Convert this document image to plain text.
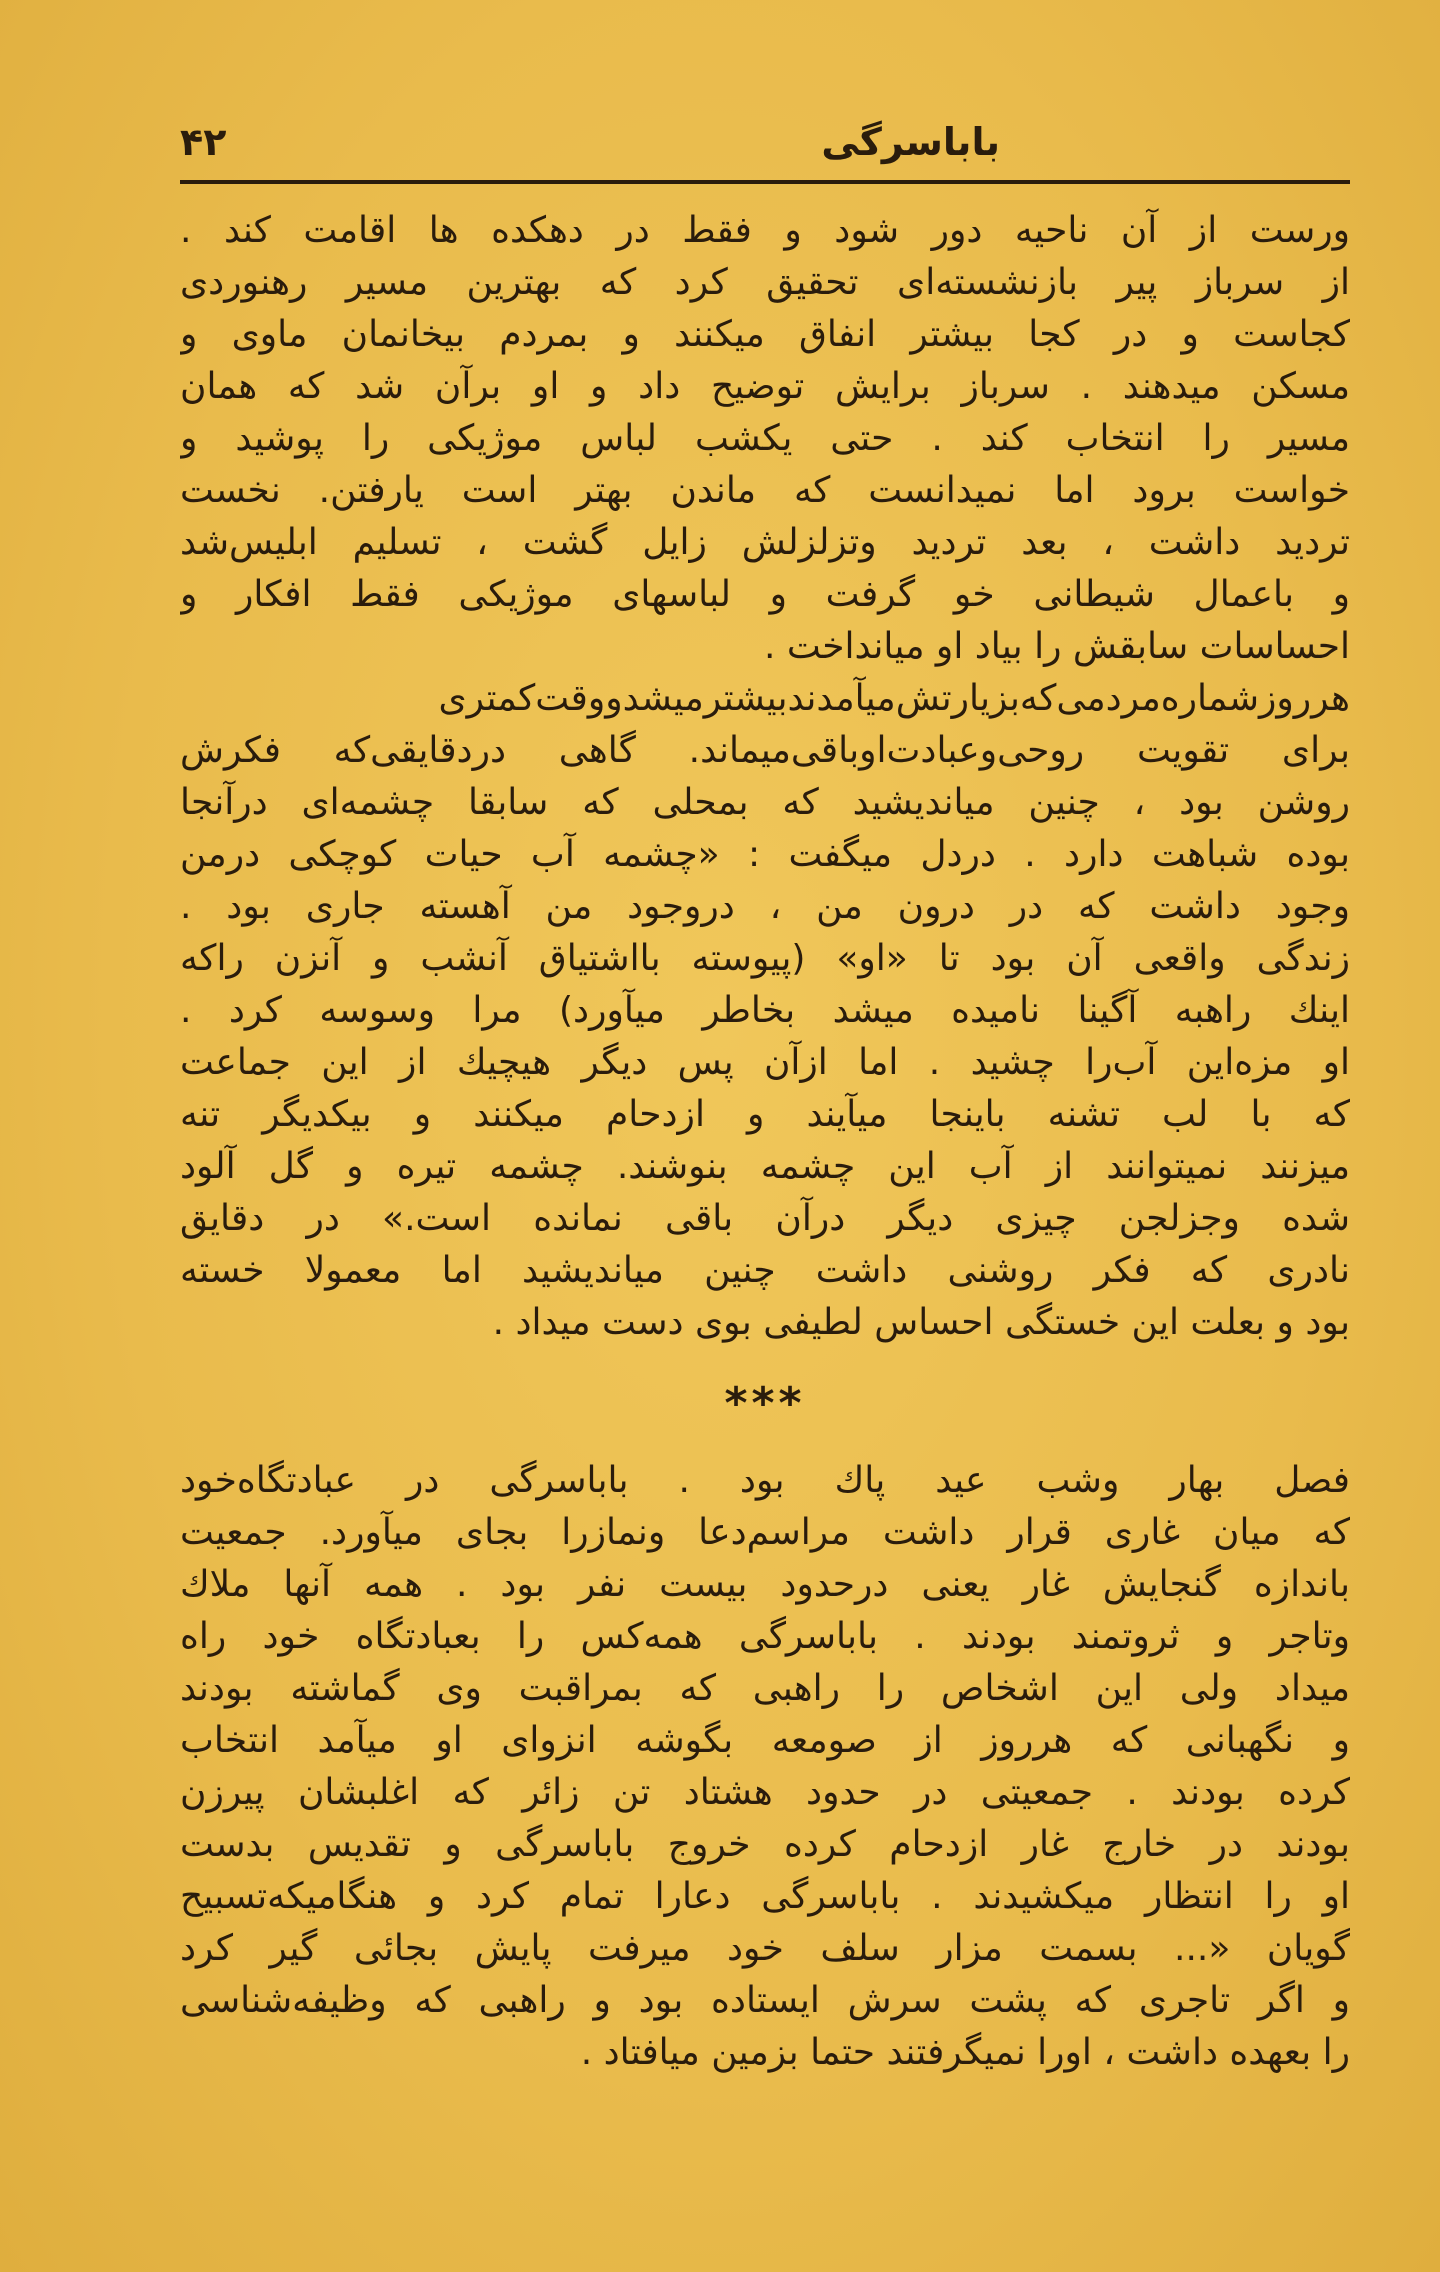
باباسرگی
۴۲
ورست از آن ناحیه دور شود و فقط در دهکده ها اقامت کند .
از سرباز پیر بازنشسته‌ای تحقیق کرد که بهترین مسیر رهنوردی
کجاست و در کجا بیشتر انفاق میکنند و بمردم بیخانمان ماوی و
مسکن میدهند . سرباز برایش توضیح داد و او برآن شد که همان
مسیر را انتخاب کند . حتی یکشب لباس موژیکی را پوشید و
خواست برود اما نمیدانست که ماندن بهتر است یارفتن. نخست
تردید داشت ، بعد تردید وتزلزلش زایل گشت ، تسلیم ابلیس‌شد
و باعمال شیطانی خو گرفت و لباسهای موژیکی فقط افکار و
احساسات سابقش را بیاد او میانداخت .
هرروزشماره‌مردمی‌که‌بزیارتش‌میآمدند‌بیشترمیشدو‌وقت‌کمتری
برای تقویت روحی‌وعبادت‌اوباقی‌میماند. گاهی دردقایقی‌که فکرش
روشن بود ، چنین میاندیشید که بمحلی که سابقا چشمه‌ای درآنجا
بوده شباهت دارد . دردل میگفت : «چشمه آب حیات کوچکی درمن
وجود داشت که در درون من ، دروجود من آهسته جاری بود .
زندگی واقعی آن بود تا «او» (پیوسته بااشتیاق آنشب و آنزن راکه
اینك راهبه آگینا نامیده میشد بخاطر میآورد) مرا وسوسه کرد .
او مزه‌این آب‌را چشید . اما ازآن پس دیگر هیچیك از این جماعت
که با لب تشنه باینجا میآیند و ازدحام میکنند و بیکدیگر تنه
میزنند نمیتوانند از آب این چشمه بنوشند. چشمه تیره و گل آلود
شده وجزلجن چیزی دیگر درآن باقی نمانده است.» در دقایق
نادری که فکر روشنی داشت چنین میاندیشید اما معمولا خسته
بود و بعلت این خستگی احساس لطیفی بوی دست میداد .
***
فصل بهار وشب عید پاك بود . باباسرگی در عبادتگاه‌خود
که میان غاری قرار داشت مراسم‌دعا ونمازرا بجای میآورد. جمعیت
باندازه گنجایش غار یعنی درحدود بیست نفر بود . همه آنها ملاك
وتاجر و ثروتمند بودند . باباسرگی همه‌کس را بعبادتگاه خود راه
میداد ولی این اشخاص را راهبی که بمراقبت وی گماشته بودند
و نگهبانی که هرروز از صومعه بگوشه انزوای او میآمد انتخاب
کرده بودند . جمعیتی در حدود هشتاد تن زائر که اغلبشان پیرزن
بودند در خارج غار ازدحام کرده خروج باباسرگی و تقدیس بدست
او را انتظار میکشیدند . باباسرگی دعارا تمام کرد و هنگامیکه‌تسبیح
گویان «... بسمت مزار سلف خود میرفت پایش بجائی گیر کرد
و اگر تاجری که پشت سرش ایستاده بود و راهبی که وظیفه‌شناسی
را بعهده داشت ، اورا نمیگرفتند حتما بزمین میافتاد .
